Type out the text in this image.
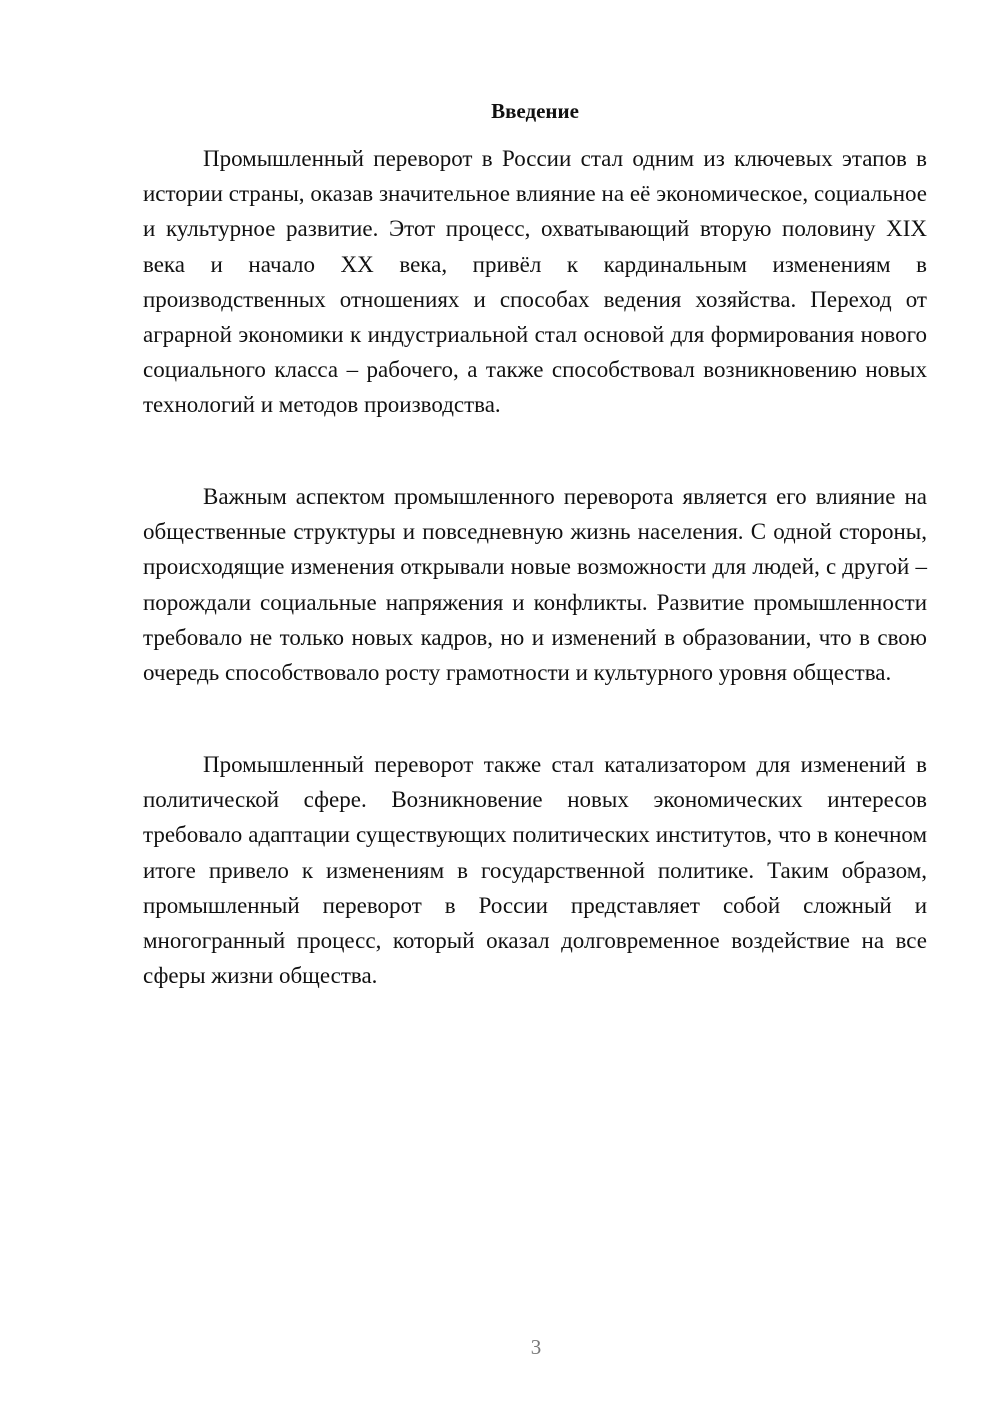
Введение

Промышленный переворот в России стал одним из ключевых этапов в истории страны, оказав значительное влияние на её экономическое, социальное и культурное развитие. Этот процесс, охватывающий вторую половину XIX века и начало XX века, привёл к кардинальным изменениям в производственных отношениях и способах ведения хозяйства. Переход от аграрной экономики к индустриальной стал основой для формирования нового социального класса – рабочего, а также способствовал возникновению новых технологий и методов производства.

Важным аспектом промышленного переворота является его влияние на общественные структуры и повседневную жизнь населения. С одной стороны, происходящие изменения открывали новые возможности для людей, с другой – порождали социальные напряжения и конфликты. Развитие промышленности требовало не только новых кадров, но и изменений в образовании, что в свою очередь способствовало росту грамотности и культурного уровня общества.

Промышленный переворот также стал катализатором для изменений в политической сфере. Возникновение новых экономических интересов требовало адаптации существующих политических институтов, что в конечном итоге привело к изменениям в государственной политике. Таким образом, промышленный переворот в России представляет собой сложный и многогранный процесс, который оказал долговременное воздействие на все сферы жизни общества.

3
